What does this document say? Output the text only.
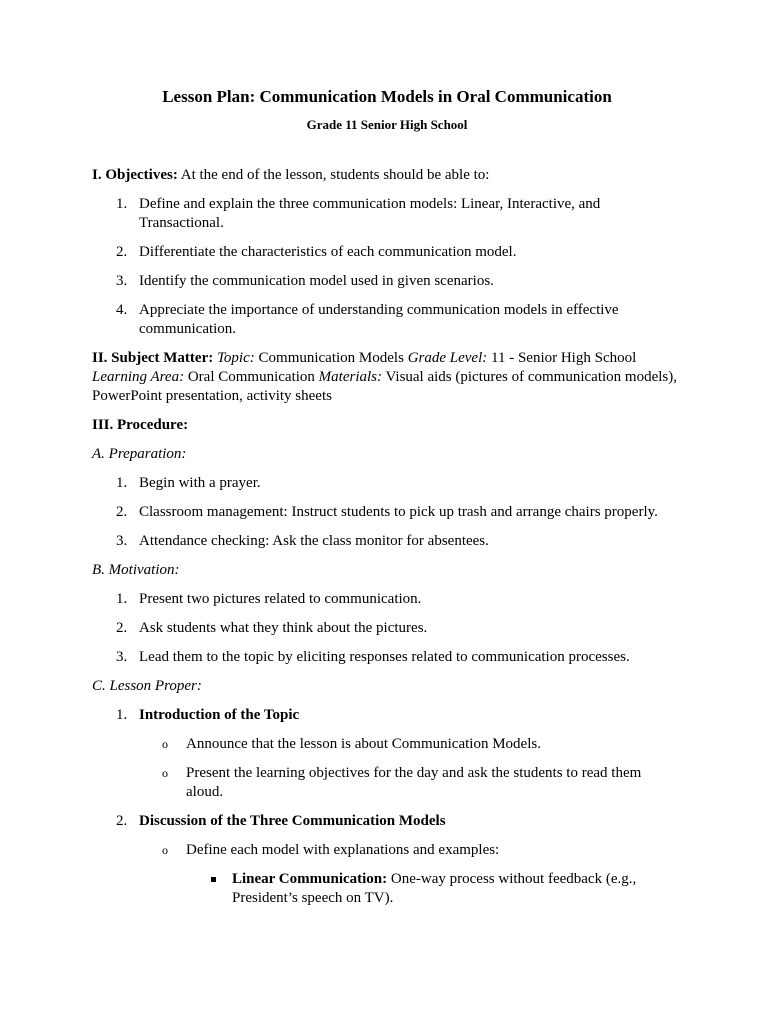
Lesson Plan: Communication Models in Oral Communication
Grade 11 Senior High School

I. Objectives: At the end of the lesson, students should be able to:

1. Define and explain the three communication models: Linear, Interactive, and Transactional.
2. Differentiate the characteristics of each communication model.
3. Identify the communication model used in given scenarios.
4. Appreciate the importance of understanding communication models in effective communication.

II. Subject Matter: Topic: Communication Models Grade Level: 11 - Senior High School Learning Area: Oral Communication Materials: Visual aids (pictures of communication models), PowerPoint presentation, activity sheets

III. Procedure:

A. Preparation:

1. Begin with a prayer.
2. Classroom management: Instruct students to pick up trash and arrange chairs properly.
3. Attendance checking: Ask the class monitor for absentees.

B. Motivation:

1. Present two pictures related to communication.
2. Ask students what they think about the pictures.
3. Lead them to the topic by eliciting responses related to communication processes.

C. Lesson Proper:

1. Introduction of the Topic
o Announce that the lesson is about Communication Models.
o Present the learning objectives for the day and ask the students to read them aloud.
2. Discussion of the Three Communication Models
o Define each model with explanations and examples:
Linear Communication: One-way process without feedback (e.g., President’s speech on TV).
